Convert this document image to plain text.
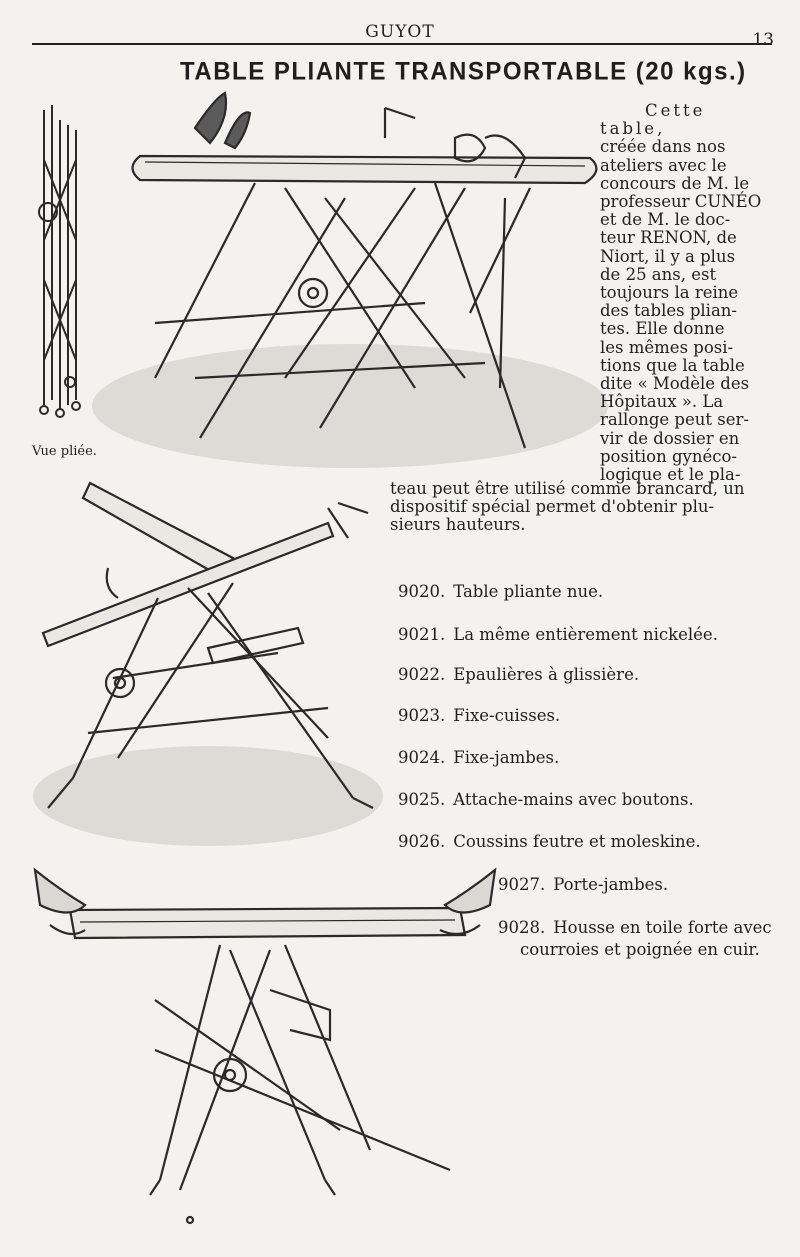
GUYOT	13
TABLE PLIANTE TRANSPORTABLE (20 kgs.)
Vue pliée.
Cette table,
créée dans nos
ateliers avec le
concours de M. le
professeur CUNÉO
et de M. le doc-
teur RENON, de
Niort, il y a plus
de 25 ans, est
toujours la reine
des tables plian-
tes. Elle donne
les mêmes posi-
tions que la table
dite « Modèle des
Hôpitaux ». La
rallonge peut ser-
vir de dossier en
position gynéco-
logique et le pla-
teau peut être utilisé comme brancard, un
dispositif spécial permet d'obtenir plu-
sieurs hauteurs.
9020. Table pliante nue.
9021. La même entièrement nickelée.
9022. Epaulières à glissière.
9023. Fixe-cuisses.
9024. Fixe-jambes.
9025. Attache-mains avec boutons.
9026. Coussins feutre et moleskine.
9027. Porte-jambes.
9028. Housse en toile forte avec
courroies et poignée en cuir.
